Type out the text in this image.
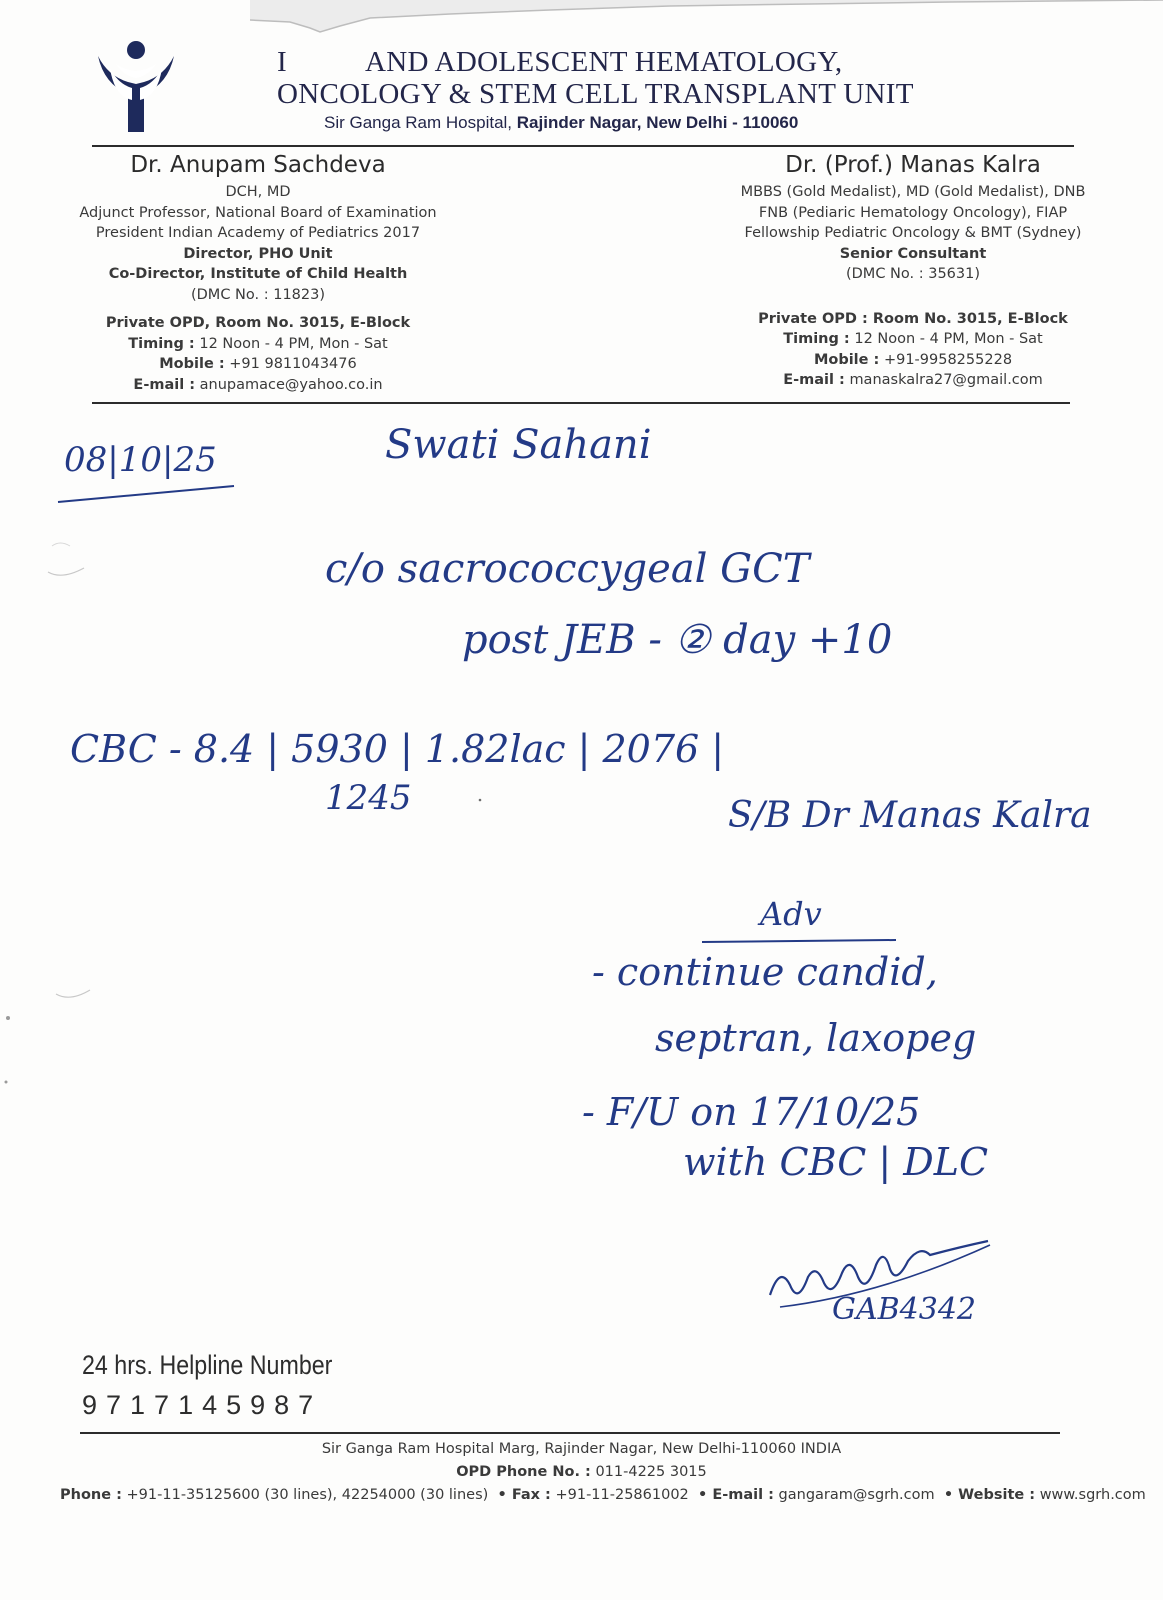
I	AND ADOLESCENT HEMATOLOGY,
ONCOLOGY & STEM CELL TRANSPLANT UNIT
Sir Ganga Ram Hospital, Rajinder Nagar, New Delhi - 110060
Dr. Anupam Sachdeva
DCH, MD
Adjunct Professor, National Board of Examination
President Indian Academy of Pediatrics 2017
Director, PHO Unit
Co-Director, Institute of Child Health
(DMC No. : 11823)
Private OPD, Room No. 3015, E-Block
Timing : 12 Noon - 4 PM, Mon - Sat
Mobile : +91 9811043476
E-mail : anupamace@yahoo.co.in
Dr. (Prof.) Manas Kalra
MBBS (Gold Medalist), MD (Gold Medalist), DNB
FNB (Pediaric Hematology Oncology), FIAP
Fellowship Pediatric Oncology & BMT (Sydney)
Senior Consultant
(DMC No. : 35631)
Private OPD : Room No. 3015, E-Block
Timing : 12 Noon - 4 PM, Mon - Sat
Mobile : +91-9958255228
E-mail : manaskalra27@gmail.com
08|10|25	Swati Sahani
c/o sacrococcygeal GCT
post JEB - ② day +10
CBC - 8.4 | 5930 | 1.82lac | 2076 |
1245	S/B Dr Manas Kalra
Adv
- continue candid,
septran, laxopeg
- F/U on 17/10/25
with CBC | DLC
GAB4342
24 hrs. Helpline Number
9717145987
Sir Ganga Ram Hospital Marg, Rajinder Nagar, New Delhi-110060 INDIA
OPD Phone No. : 011-4225 3015
Phone : +91-11-35125600 (30 lines), 42254000 (30 lines) • Fax : +91-11-25861002 • E-mail : gangaram@sgrh.com • Website : www.sgrh.com
